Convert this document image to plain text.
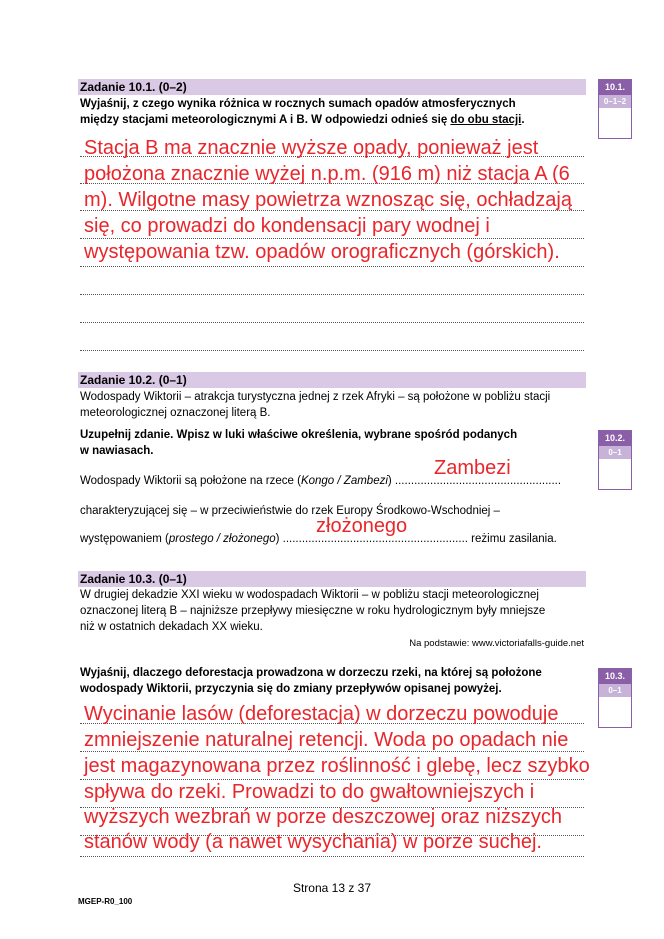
Zadanie 10.1. (0–2)
Wyjaśnij, z czego wynika różnica w rocznych sumach opadów atmosferycznych
między stacjami meteorologicznymi A i B. W odpowiedzi odnieś się do obu stacji.
10.1.
0–1–2
Stacja B ma znacznie wyższe opady, ponieważ jest
położona znacznie wyżej n.p.m. (916 m) niż stacja A (6
m). Wilgotne masy powietrza wznosząc się, ochładzają
się, co prowadzi do kondensacji pary wodnej i
występowania tzw. opadów orograficznych (górskich).
Zadanie 10.2. (0–1)
Wodospady Wiktorii – atrakcja turystyczna jednej z rzek Afryki – są położone w pobliżu stacji
meteorologicznej oznaczonej literą B.
Uzupełnij zdanie. Wpisz w luki właściwe określenia, wybrane spośród podanych
w nawiasach.
10.2.
0–1
Wodospady Wiktorii są położone na rzece (Kongo / Zambezi) ....................................................
Zambezi
charakteryzującej się – w przeciwieństwie do rzek Europy Środkowo-Wschodniej –
występowaniem (prostego / złożonego) .......................................................... reżimu zasilania.
złożonego
Zadanie 10.3. (0–1)
W drugiej dekadzie XXI wieku w wodospadach Wiktorii – w pobliżu stacji meteorologicznej
oznaczonej literą B – najniższe przepływy miesięczne w roku hydrologicznym były mniejsze
niż w ostatnich dekadach XX wieku.
Na podstawie: www.victoriafalls-guide.net
Wyjaśnij, dlaczego deforestacja prowadzona w dorzeczu rzeki, na której są położone
wodospady Wiktorii, przyczynia się do zmiany przepływów opisanej powyżej.
10.3.
0–1
Wycinanie lasów (deforestacja) w dorzeczu powoduje
zmniejszenie naturalnej retencji. Woda po opadach nie
jest magazynowana przez roślinność i glebę, lecz szybko
spływa do rzeki. Prowadzi to do gwałtowniejszych i
wyższych wezbrań w porze deszczowej oraz niższych
stanów wody (a nawet wysychania) w porze suchej.
Strona 13 z 37
MGEP-R0_100
